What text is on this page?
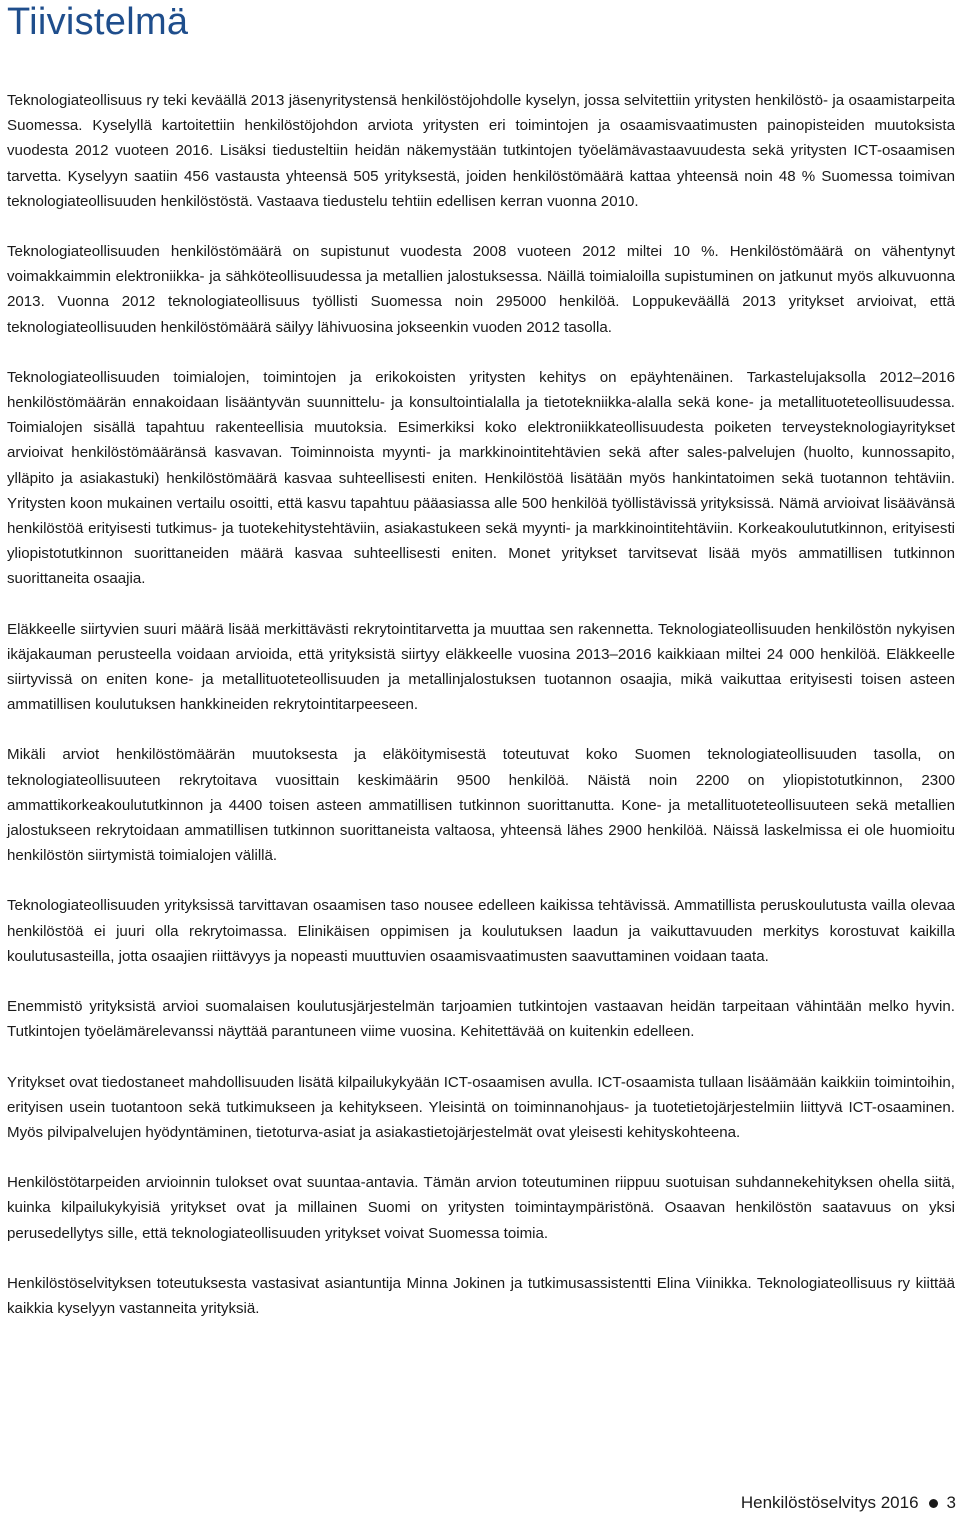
Tiivistelmä

Teknologiateollisuus ry teki keväällä 2013 jäsenyritystensä henkilöstöjohdolle kyselyn, jossa selvitettiin yritysten henkilöstö- ja osaamistarpeita Suomessa. Kyselyllä kartoitettiin henkilöstöjohdon arviota yritysten eri toimintojen ja osaamisvaatimusten painopisteiden muutoksista vuodesta 2012 vuoteen 2016. Lisäksi tiedusteltiin heidän näkemystään tutkintojen työelämävastaavuudesta sekä yritysten ICT-osaamisen tarvetta. Kyselyyn saatiin 456 vastausta yhteensä 505 yrityksestä, joiden henkilöstömäärä kattaa yhteensä noin 48 % Suomessa toimivan teknologiateollisuuden henkilöstöstä. Vastaava tiedustelu tehtiin edellisen kerran vuonna 2010.

Teknologiateollisuuden henkilöstömäärä on supistunut vuodesta 2008 vuoteen 2012 miltei 10 %. Henkilöstömäärä on vähentynyt voimakkaimmin elektroniikka- ja sähköteollisuudessa ja metallien jalostuksessa. Näillä toimialoilla supistuminen on jatkunut myös alkuvuonna 2013. Vuonna 2012 teknologiateollisuus työllisti Suomessa noin 295000 henkilöä. Loppukeväällä 2013 yritykset arvioivat, että teknologiateollisuuden henkilöstömäärä säilyy lähivuosina jokseenkin vuoden 2012 tasolla.

Teknologiateollisuuden toimialojen, toimintojen ja erikokoisten yritysten kehitys on epäyhtenäinen. Tarkastelujaksolla 2012–2016 henkilöstömäärän ennakoidaan lisääntyvän suunnittelu- ja konsultointialalla ja tietotekniikka-alalla sekä kone- ja metallituoteteollisuudessa. Toimialojen sisällä tapahtuu rakenteellisia muutoksia. Esimerkiksi koko elektroniikkateollisuudesta poiketen terveysteknologiayritykset arvioivat henkilöstömääränsä kasvavan. Toiminnoista myynti- ja markkinointitehtävien sekä after sales-palvelujen (huolto, kunnossapito, ylläpito ja asiakastuki) henkilöstömäärä kasvaa suhteellisesti eniten. Henkilöstöä lisätään myös hankintatoimen sekä tuotannon tehtäviin. Yritysten koon mukainen vertailu osoitti, että kasvu tapahtuu pääasiassa alle 500 henkilöä työllistävissä yrityksissä. Nämä arvioivat lisäävänsä henkilöstöä erityisesti tutkimus- ja tuotekehitystehtäviin, asiakastukeen sekä myynti- ja markkinointitehtäviin. Korkeakoulututkinnon, erityisesti yliopistotutkinnon suorittaneiden määrä kasvaa suhteellisesti eniten. Monet yritykset tarvitsevat lisää myös ammatillisen tutkinnon suorittaneita osaajia.

Eläkkeelle siirtyvien suuri määrä lisää merkittävästi rekrytointitarvetta ja muuttaa sen rakennetta. Teknologiateollisuuden henkilöstön nykyisen ikäjakauman perusteella voidaan arvioida, että yrityksistä siirtyy eläkkeelle vuosina 2013–2016 kaikkiaan miltei 24 000 henkilöä. Eläkkeelle siirtyvissä on eniten kone- ja metallituoteteollisuuden ja metallinjalostuksen tuotannon osaajia, mikä vaikuttaa erityisesti toisen asteen ammatillisen koulutuksen hankkineiden rekrytointitarpeeseen.

Mikäli arviot henkilöstömäärän muutoksesta ja eläköitymisestä toteutuvat koko Suomen teknologiateollisuuden tasolla, on teknologiateollisuuteen rekrytoitava vuosittain keskimäärin 9500 henkilöä. Näistä noin 2200 on yliopistotutkinnon, 2300 ammattikorkeakoulututkinnon ja 4400 toisen asteen ammatillisen tutkinnon suorittanutta. Kone- ja metallituoteteollisuuteen sekä metallien jalostukseen rekrytoidaan ammatillisen tutkinnon suorittaneista valtaosa, yhteensä lähes 2900 henkilöä. Näissä laskelmissa ei ole huomioitu henkilöstön siirtymistä toimialojen välillä.

Teknologiateollisuuden yrityksissä tarvittavan osaamisen taso nousee edelleen kaikissa tehtävissä. Ammatillista peruskoulutusta vailla olevaa henkilöstöä ei juuri olla rekrytoimassa. Elinikäisen oppimisen ja koulutuksen laadun ja vaikuttavuuden merkitys korostuvat kaikilla koulutusasteilla, jotta osaajien riittävyys ja nopeasti muuttuvien osaamisvaatimusten saavuttaminen voidaan taata.

Enemmistö yrityksistä arvioi suomalaisen koulutusjärjestelmän tarjoamien tutkintojen vastaavan heidän tarpeitaan vähintään melko hyvin. Tutkintojen työelämärelevanssi näyttää parantuneen viime vuosina. Kehitettävää on kuitenkin edelleen.

Yritykset ovat tiedostaneet mahdollisuuden lisätä kilpailukykyään ICT-osaamisen avulla. ICT-osaamista tullaan lisäämään kaikkiin toimintoihin, erityisen usein tuotantoon sekä tutkimukseen ja kehitykseen. Yleisintä on toiminnanohjaus- ja tuotetietojärjestelmiin liittyvä ICT-osaaminen. Myös pilvipalvelujen hyödyntäminen, tietoturva-asiat ja asiakastietojärjestelmät ovat yleisesti kehityskohteena.

Henkilöstötarpeiden arvioinnin tulokset ovat suuntaa-antavia. Tämän arvion toteutuminen riippuu suotuisan suhdannekehityksen ohella siitä, kuinka kilpailukykyisiä yritykset ovat ja millainen Suomi on yritysten toimintaympäristönä. Osaavan henkilöstön saatavuus on yksi perusedellytys sille, että teknologiateollisuuden yritykset voivat Suomessa toimia.

Henkilöstöselvityksen toteutuksesta vastasivat asiantuntija Minna Jokinen ja tutkimusassistentti Elina Viinikka. Teknologiateollisuus ry kiittää kaikkia kyselyyn vastanneita yrityksiä.

Henkilöstöselvitys 2016 3
